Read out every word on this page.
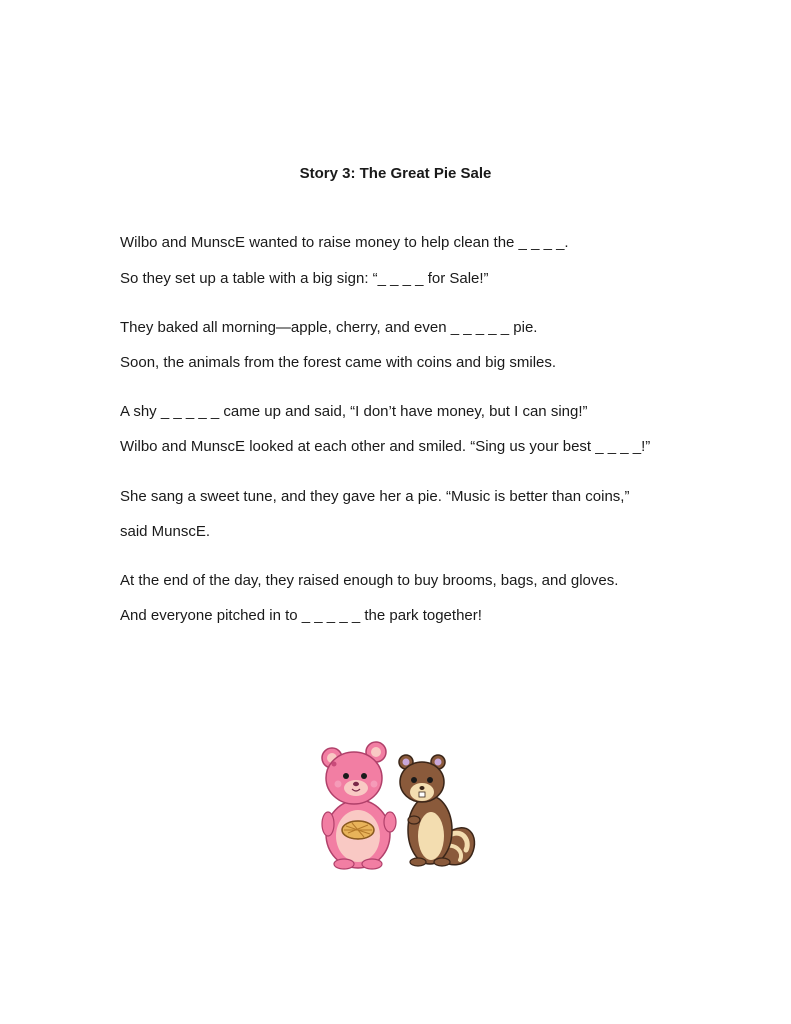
Story 3: The Great Pie Sale

Wilbo and MunscE wanted to raise money to help clean the _ _ _ _.

So they set up a table with a big sign: “_ _ _ _ for Sale!”

They baked all morning—apple, cherry, and even _ _ _ _ _ pie.

Soon, the animals from the forest came with coins and big smiles.

A shy _ _ _ _ _ came up and said, “I don’t have money, but I can sing!”

Wilbo and MunscE looked at each other and smiled. “Sing us your best _ _ _ _!”

She sang a sweet tune, and they gave her a pie. “Music is better than coins,”

said MunscE.

At the end of the day, they raised enough to buy brooms, bags, and gloves.

And everyone pitched in to _ _ _ _ _ the park together!
